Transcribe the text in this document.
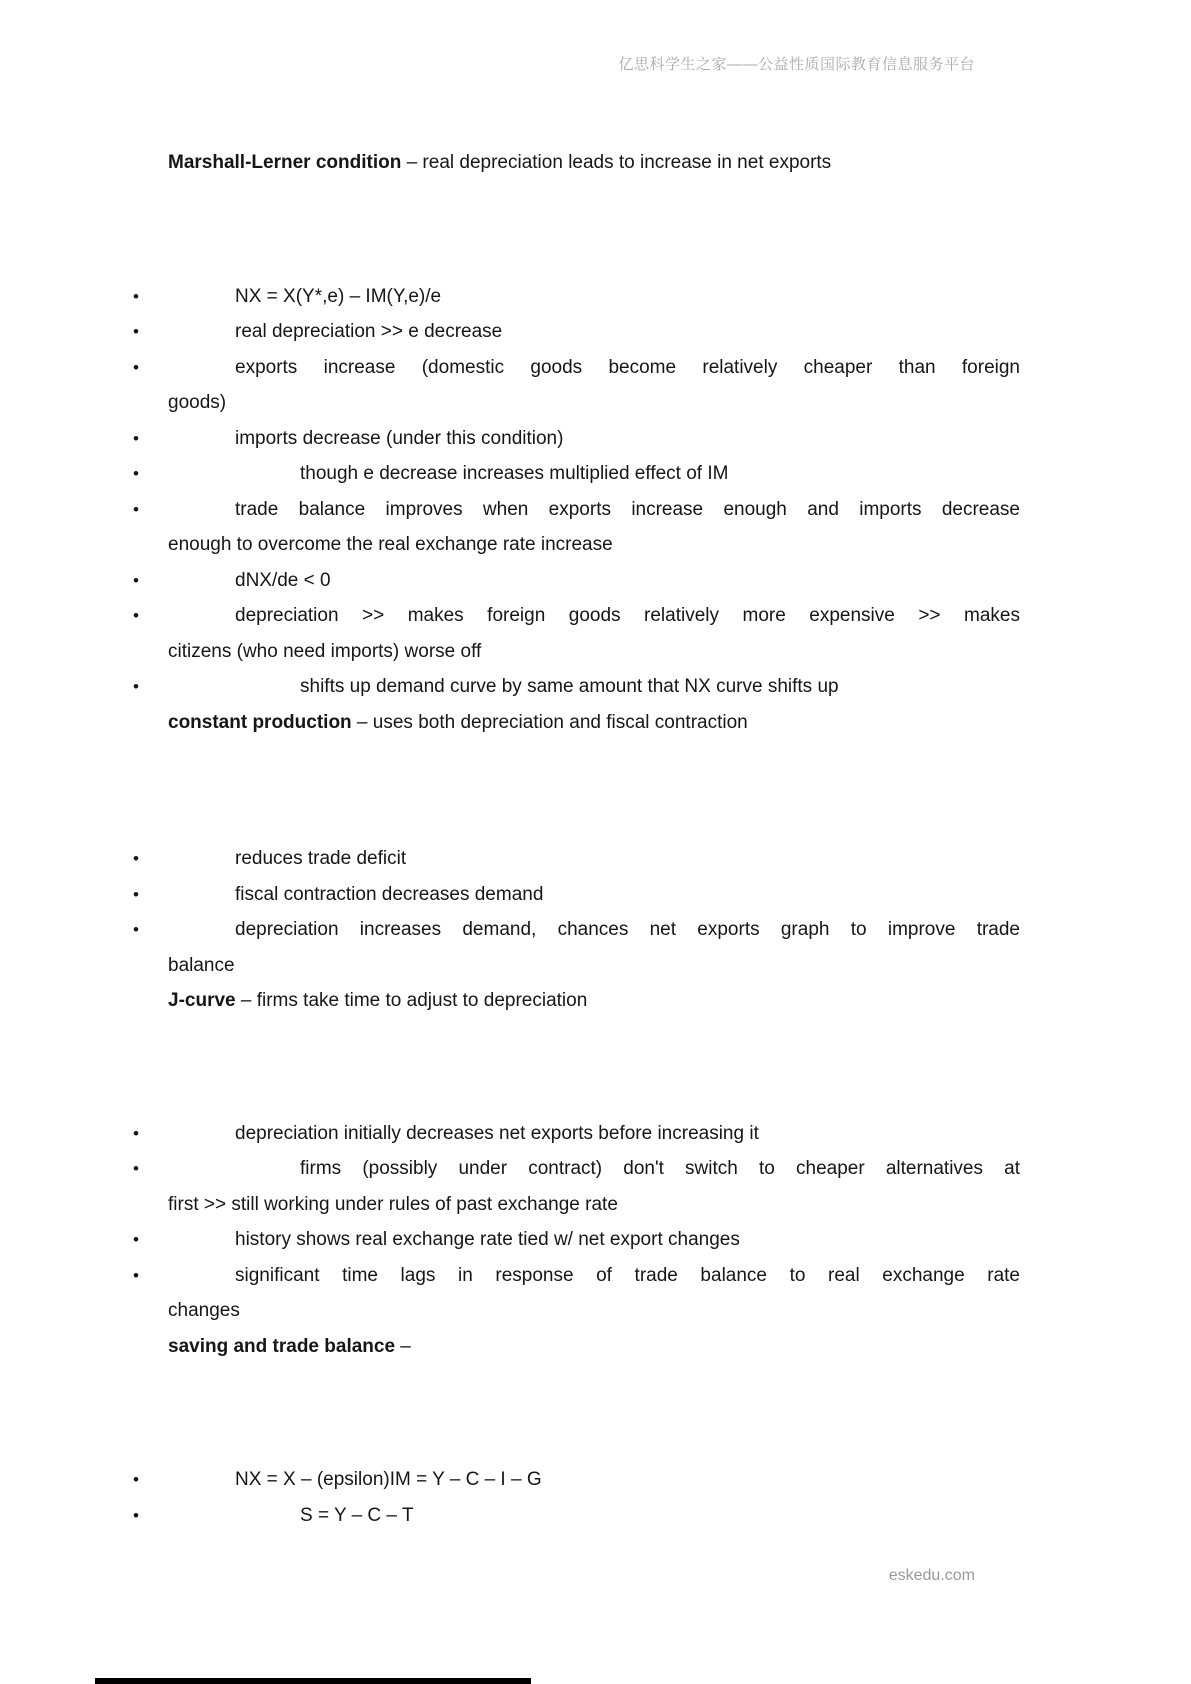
亿思科学生之家——公益性质国际教育信息服务平台
Marshall-Lerner condition – real depreciation leads to increase in net exports
•	NX = X(Y*,e) – IM(Y,e)/e
•	real depreciation >> e decrease
•	exports increase (domestic goods become relatively cheaper than foreign
goods)
•	imports decrease (under this condition)
•	though e decrease increases multiplied effect of IM
•	trade balance improves when exports increase enough and imports decrease
enough to overcome the real exchange rate increase
•	dNX/de < 0
•	depreciation >> makes foreign goods relatively more expensive >> makes
citizens (who need imports) worse off
•	shifts up demand curve by same amount that NX curve shifts up
constant production – uses both depreciation and fiscal contraction
•	reduces trade deficit
•	fiscal contraction decreases demand
•	depreciation increases demand, chances net exports graph to improve trade
balance
J-curve – firms take time to adjust to depreciation
•	depreciation initially decreases net exports before increasing it
•	firms (possibly under contract) don't switch to cheaper alternatives at
first >> still working under rules of past exchange rate
•	history shows real exchange rate tied w/ net export changes
•	significant time lags in response of trade balance to real exchange rate
changes
saving and trade balance –
•	NX = X – (epsilon)IM = Y – C – I – G
•	S = Y – C – T
eskedu.com
